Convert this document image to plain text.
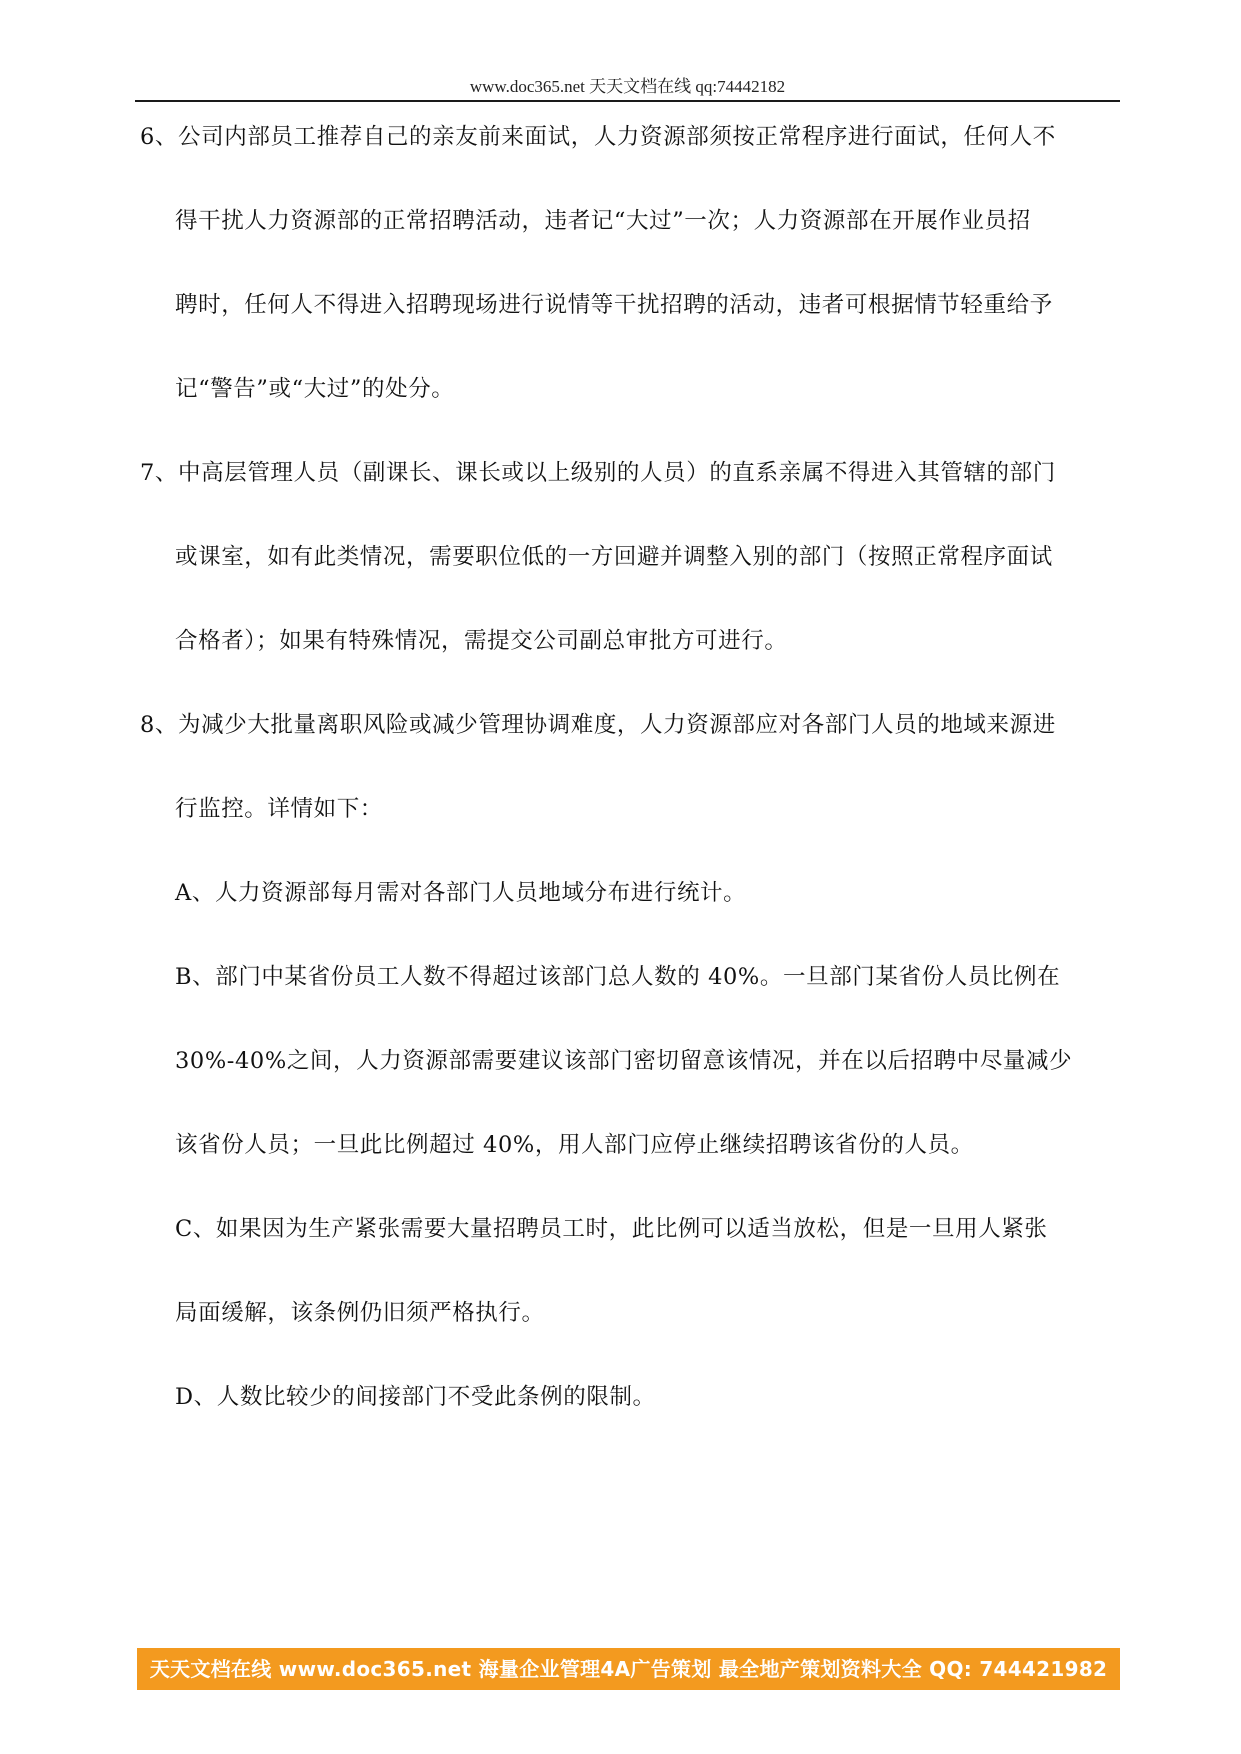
www.doc365.net 天天文档在线 qq:74442182
6、公司内部员工推荐自己的亲友前来面试，人力资源部须按正常程序进行面试，任何人不
得干扰人力资源部的正常招聘活动，违者记“大过”一次；人力资源部在开展作业员招
聘时，任何人不得进入招聘现场进行说情等干扰招聘的活动，违者可根据情节轻重给予
记“警告”或“大过”的处分。
7、中高层管理人员（副课长、课长或以上级别的人员）的直系亲属不得进入其管辖的部门
或课室，如有此类情况，需要职位低的一方回避并调整入别的部门（按照正常程序面试
合格者）；如果有特殊情况，需提交公司副总审批方可进行。
8、为减少大批量离职风险或减少管理协调难度，人力资源部应对各部门人员的地域来源进
行监控。详情如下：
A、人力资源部每月需对各部门人员地域分布进行统计。
B、部门中某省份员工人数不得超过该部门总人数的 40%。一旦部门某省份人员比例在
30%-40%之间，人力资源部需要建议该部门密切留意该情况，并在以后招聘中尽量减少
该省份人员；一旦此比例超过 40%，用人部门应停止继续招聘该省份的人员。
C、如果因为生产紧张需要大量招聘员工时，此比例可以适当放松，但是一旦用人紧张
局面缓解，该条例仍旧须严格执行。
D、人数比较少的间接部门不受此条例的限制。
天天文档在线 www.doc365.net 海量企业管理4A广告策划 最全地产策划资料大全 QQ: 744421982
